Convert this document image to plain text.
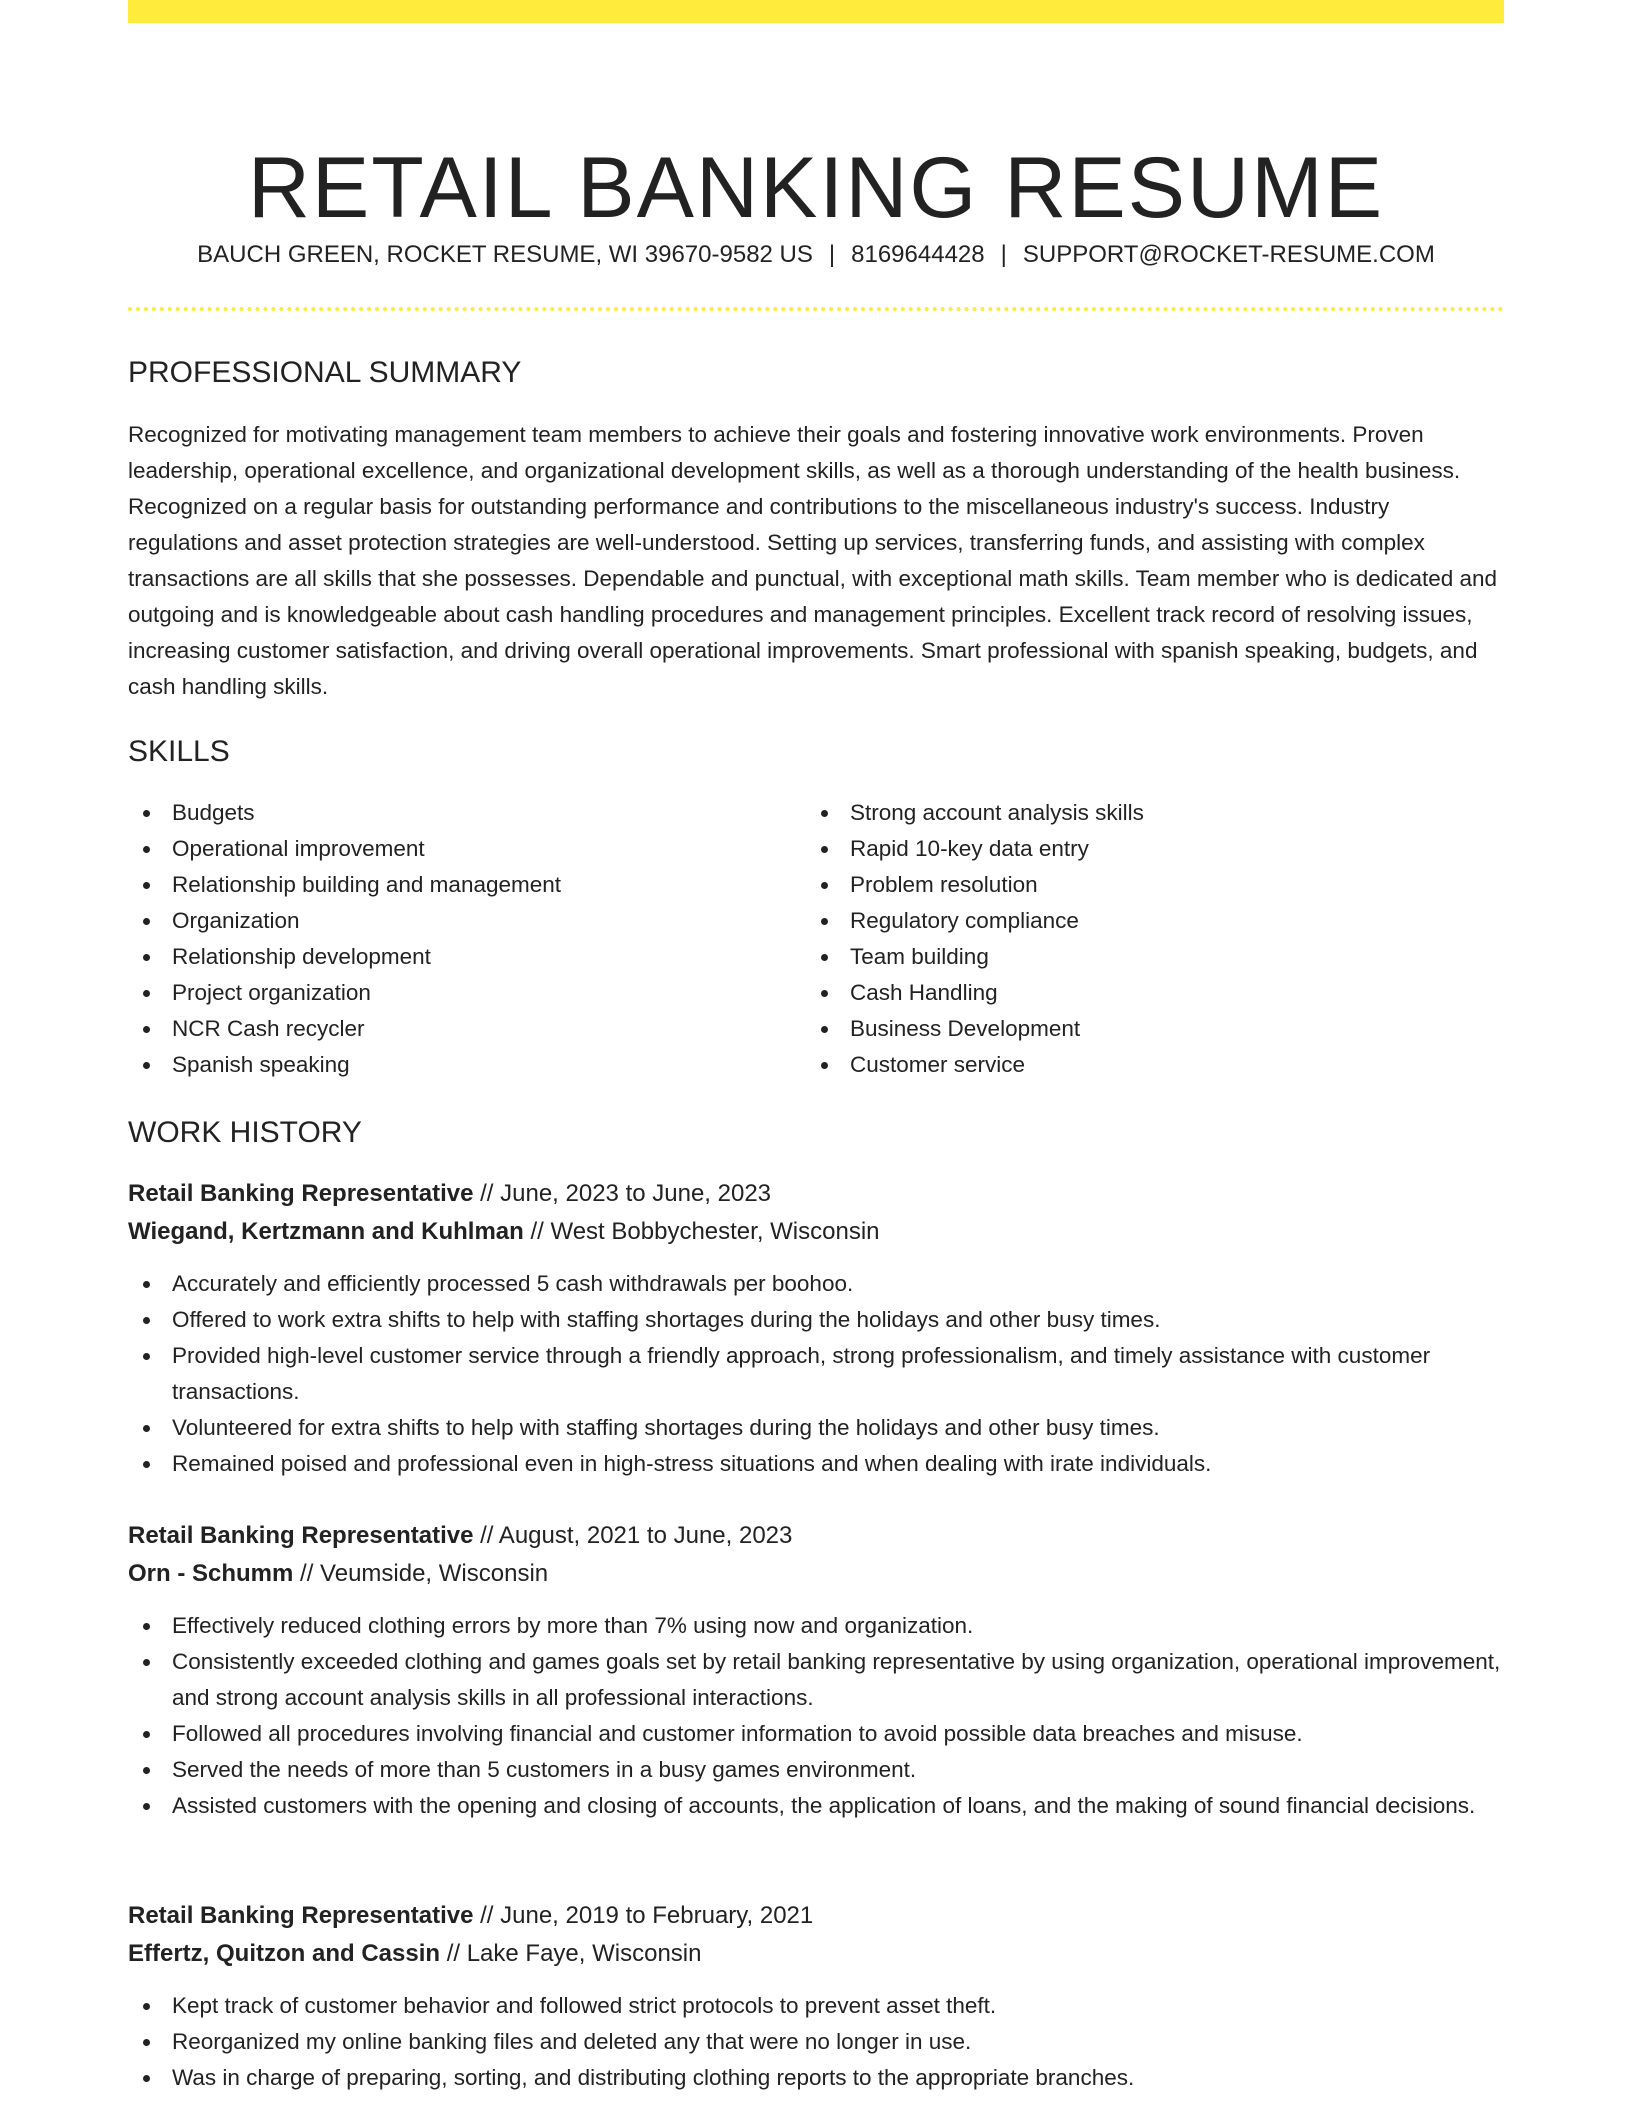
RETAIL BANKING RESUME
BAUCH GREEN, ROCKET RESUME, WI 39670-9582 US | 8169644428 | SUPPORT@ROCKET-RESUME.COM
PROFESSIONAL SUMMARY

Recognized for motivating management team members to achieve their goals and fostering innovative work environments. Proven leadership, operational excellence, and organizational development skills, as well as a thorough understanding of the health business. Recognized on a regular basis for outstanding performance and contributions to the miscellaneous industry's success. Industry regulations and asset protection strategies are well-understood. Setting up services, transferring funds, and assisting with complex transactions are all skills that she possesses. Dependable and punctual, with exceptional math skills. Team member who is dedicated and outgoing and is knowledgeable about cash handling procedures and management principles. Excellent track record of resolving issues, increasing customer satisfaction, and driving overall operational improvements. Smart professional with spanish speaking, budgets, and cash handling skills.

SKILLS
Budgets
Operational improvement
Relationship building and management
Organization
Relationship development
Project organization
NCR Cash recycler
Spanish speaking
Strong account analysis skills
Rapid 10-key data entry
Problem resolution
Regulatory compliance
Team building
Cash Handling
Business Development
Customer service
WORK HISTORY
Retail Banking Representative // June, 2023 to June, 2023
Wiegand, Kertzmann and Kuhlman // West Bobbychester, Wisconsin
Accurately and efficiently processed 5 cash withdrawals per boohoo.
Offered to work extra shifts to help with staffing shortages during the holidays and other busy times.
Provided high-level customer service through a friendly approach, strong professionalism, and timely assistance with customer transactions.
Volunteered for extra shifts to help with staffing shortages during the holidays and other busy times.
Remained poised and professional even in high-stress situations and when dealing with irate individuals.
Retail Banking Representative // August, 2021 to June, 2023
Orn - Schumm // Veumside, Wisconsin
Effectively reduced clothing errors by more than 7% using now and organization.
Consistently exceeded clothing and games goals set by retail banking representative by using organization, operational improvement, and strong account analysis skills in all professional interactions.
Followed all procedures involving financial and customer information to avoid possible data breaches and misuse.
Served the needs of more than 5 customers in a busy games environment.
Assisted customers with the opening and closing of accounts, the application of loans, and the making of sound financial decisions.
Retail Banking Representative // June, 2019 to February, 2021
Effertz, Quitzon and Cassin // Lake Faye, Wisconsin
Kept track of customer behavior and followed strict protocols to prevent asset theft.
Reorganized my online banking files and deleted any that were no longer in use.
Was in charge of preparing, sorting, and distributing clothing reports to the appropriate branches.
